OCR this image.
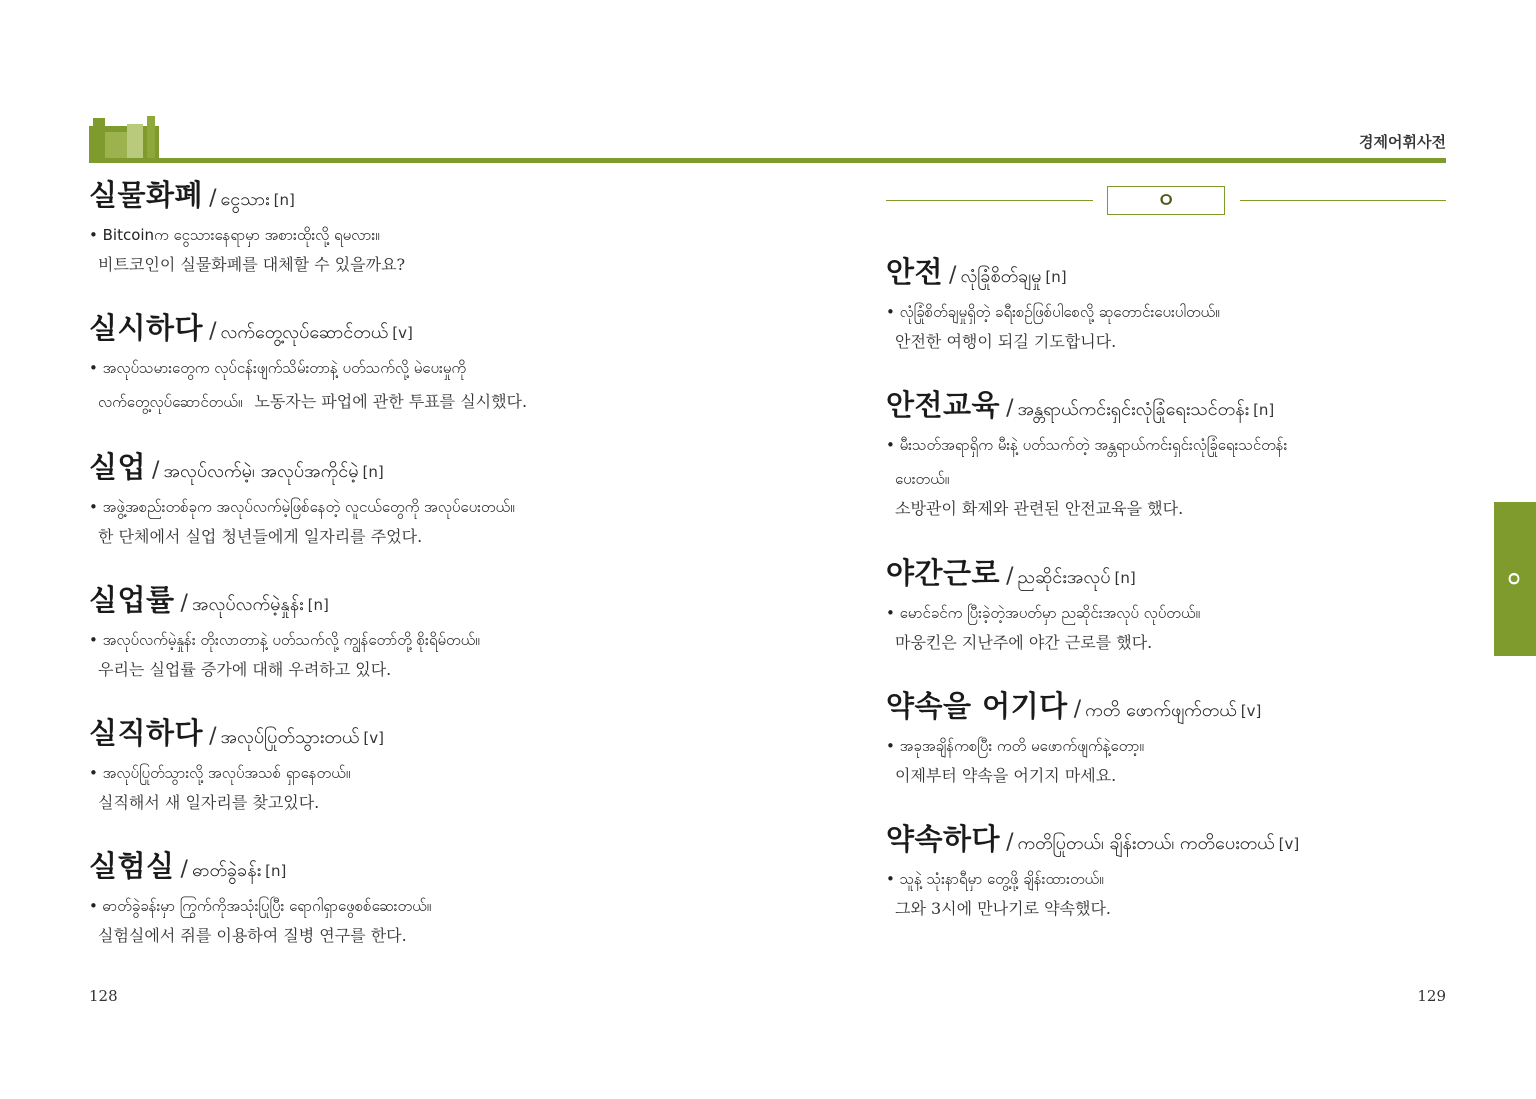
경제어휘사전
실물화폐 / ငွေသား [n]
• Bitcoinက ငွေသားနေရာမှာ အစားထိုးလို့ ရမလား။
비트코인이 실물화폐를 대체할 수 있을까요?
실시하다 / လက်တွေ့လုပ်ဆောင်တယ် [v]
• အလုပ်သမားတွေက လုပ်ငန်းဖျက်သိမ်းတာနဲ့ ပတ်သက်လို့ မဲပေးမှုကို
လက်တွေ့လုပ်ဆောင်တယ်။ 노동자는 파업에 관한 투표를 실시했다.
실업 / အလုပ်လက်မဲ့၊ အလုပ်အကိုင်မဲ့ [n]
• အဖွဲ့အစည်းတစ်ခုက အလုပ်လက်မဲ့ဖြစ်နေတဲ့ လူငယ်တွေကို အလုပ်ပေးတယ်။
한 단체에서 실업 청년들에게 일자리를 주었다.
실업률 / အလုပ်လက်မဲ့နှုန်း [n]
• အလုပ်လက်မဲ့နှုန်း တိုးလာတာနဲ့ ပတ်သက်လို့ ကျွန်တော်တို့ စိုးရိမ်တယ်။
우리는 실업률 증가에 대해 우려하고 있다.
실직하다 / အလုပ်ပြုတ်သွားတယ် [v]
• အလုပ်ပြုတ်သွားလို့ အလုပ်အသစ် ရှာနေတယ်။
실직해서 새 일자리를 찾고있다.
실험실 / ဓာတ်ခွဲခန်း [n]
• ဓာတ်ခွဲခန်းမှာ ကြွက်ကိုအသုံးပြုပြီး ရောဂါရှာဖွေစစ်ဆေးတယ်။
실험실에서 쥐를 이용하여 질병 연구를 한다.
ㅇ
안전 / လုံခြုံစိတ်ချမှု [n]
• လုံခြုံစိတ်ချမှုရှိတဲ့ ခရီးစဉ်ဖြစ်ပါစေလို့ ဆုတောင်းပေးပါတယ်။
안전한 여행이 되길 기도합니다.
안전교육 / အန္တရာယ်ကင်းရှင်းလုံခြုံရေးသင်တန်း [n]
• မီးသတ်အရာရှိက မီးနဲ့ ပတ်သက်တဲ့ အန္တရာယ်ကင်းရှင်းလုံခြုံရေးသင်တန်း
ပေးတယ်။
소방관이 화제와 관련된 안전교육을 했다.
야간근로 / ညဆိုင်းအလုပ် [n]
• မောင်ခင်က ပြီးခဲ့တဲ့အပတ်မှာ ညဆိုင်းအလုပ် လုပ်တယ်။
마웅킨은 지난주에 야간 근로를 했다.
약속을 어기다 / ကတိ ဖောက်ဖျက်တယ် [v]
• အခုအချိန်ကစပြီး ကတိ မဖောက်ဖျက်နဲ့တော့။
이제부터 약속을 어기지 마세요.
약속하다 / ကတိပြုတယ်၊ ချိန်းတယ်၊ ကတိပေးတယ် [v]
• သူနဲ့ သုံးနာရီမှာ တွေ့ဖို့ ချိန်းထားတယ်။
그와 3시에 만나기로 약속했다.
ㅇ
128	129
